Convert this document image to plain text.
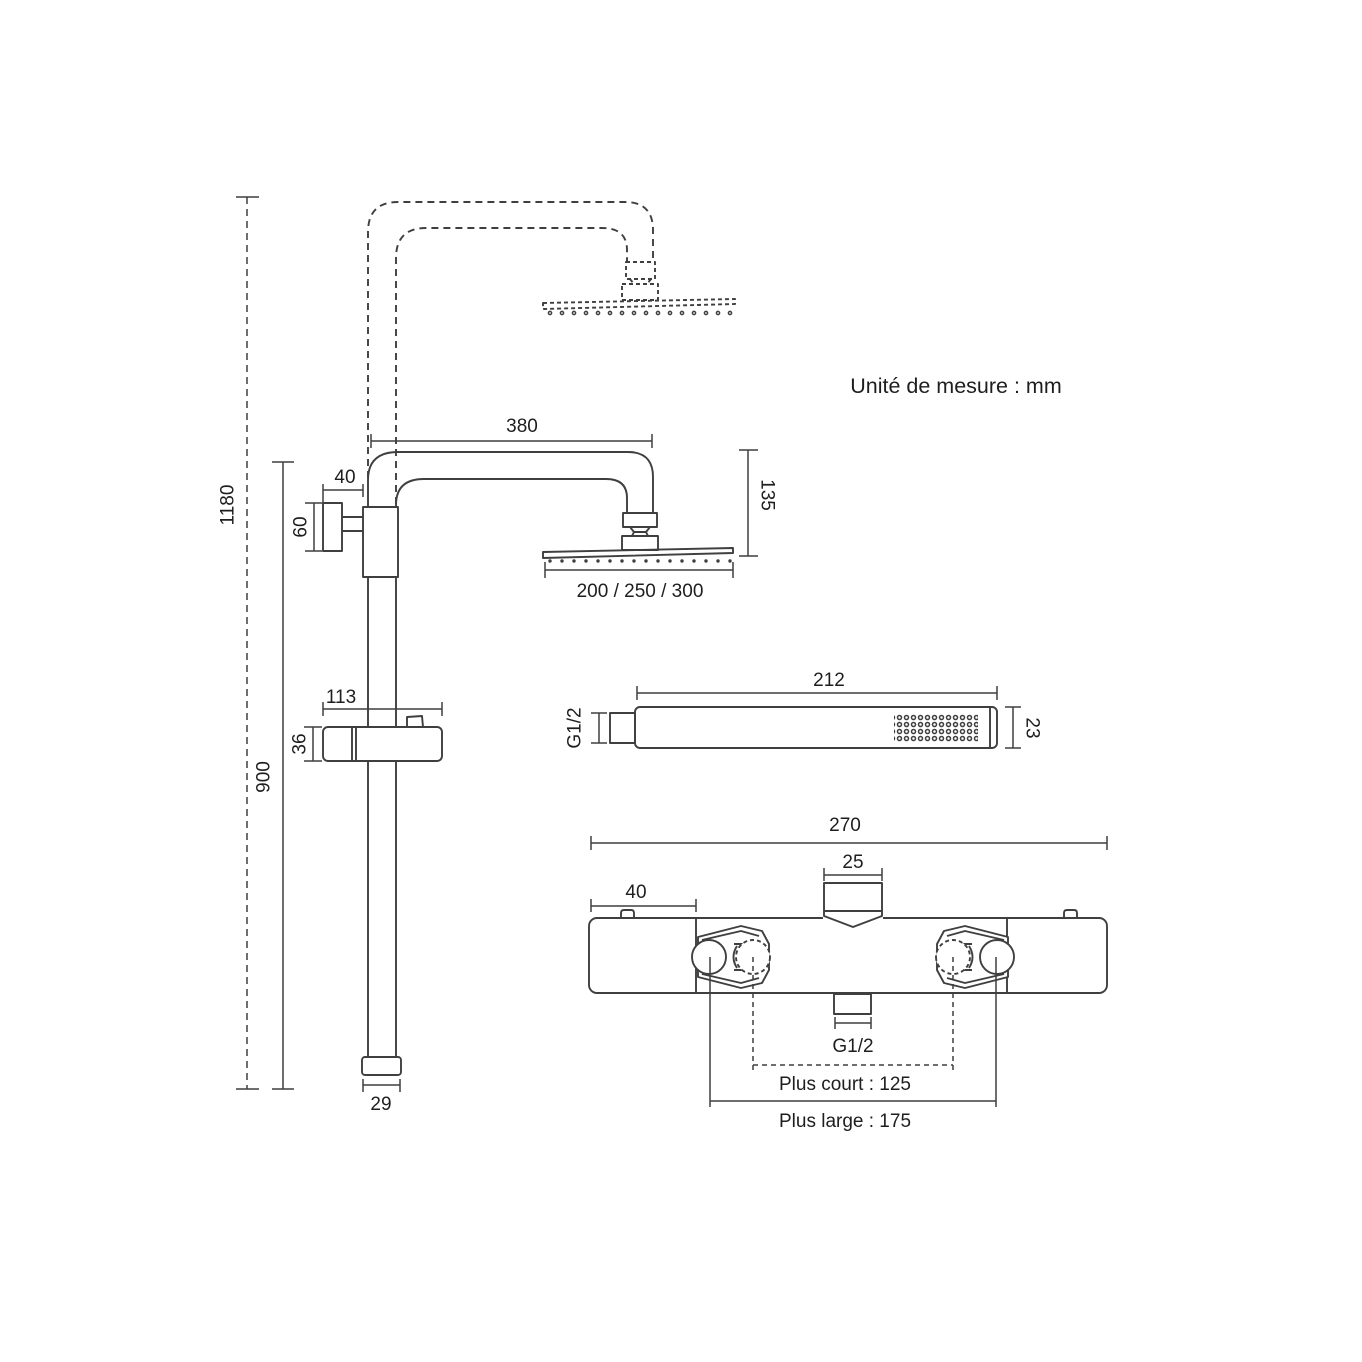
Unité de mesure : mm
1180
900
380
40
60
135
200 / 250 / 300
113
36
29
212
G1/2	23
270
25
40
G1/2
Plus court : 125
Plus large : 175
